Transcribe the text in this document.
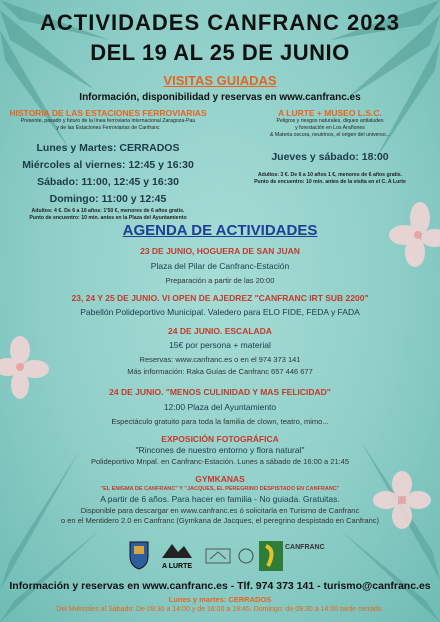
ACTIVIDADES CANFRANC 2023
DEL 19 AL 25 DE JUNIO
VISITAS GUIADAS
Información, disponibilidad y reservas en www.canfranc.es
HISTORIA DE LAS ESTACIONES FERROVIARIAS
Presente, pasado y futuro de la línea ferroviaria internacional Zaragoza-Pau
y de las Estaciones Ferroviarias de Canfranc
Lunes y Martes: CERRADOS
Miércoles al viernes: 12:45 y 16:30
Sábado: 11:00, 12:45 y 16:30
Domingo: 11:00 y 12:45
Adultos: 4 €. De 6 a 10 años: 1'50 €, menores de 6 años gratis.
Punto de encuentro: 10 min. antes en la Plaza del Ayuntamiento
A LURTE + MUSEO L.S.C.
Peligros y riesgos naturales, diques antialudes
y forestación en Los Arañones
& Materia oscura, neutrinos, el origen del universo...
Jueves y sábado: 18:00
Adultos: 3 €. De 6 a 10 años 1 €, menores de 6 años gratis.
Punto de encuentro: 10 min. antes de la visita en el C. A Lurte
AGENDA DE ACTIVIDADES
23 DE JUNIO, HOGUERA DE SAN JUAN
Plaza del Pilar de Canfranc-Estación
Preparación a partir de las 20:00
23, 24 Y 25 DE JUNIO. VI OPEN DE AJEDREZ "CANFRANC IRT SUB 2200"
Pabellón Polideportivo Municipal. Valedero para ELO FIDE, FEDA y FADA
24 DE JUNIO. ESCALADA
15€ por persona + material
Reservas: www.canfranc.es o en el 974 373 141
Más información: Raka Guías de Canfranc 657 446 677
24 DE JUNIO. "MENOS CULINIDAD Y MAS FELICIDAD"
12:00 Plaza del Ayuntamiento
Espectáculo gratuito para toda la familia de clown, teatro, mimo...
EXPOSICIÓN FOTOGRÁFICA
"Rincones de nuestro entorno y flora natural"
Polideportivo Mnpal. en Canfranc-Estación. Lunes a sábado de 16:00 a 21:45
GYMKANAS
"EL ENIGMA DE CANFRANC" Y "JACQUES, EL PEREGRINO DESPISTADO EN CANFRANC"
A partir de 6 años. Para hacer en familia - No guiada. Gratuitas.
Disponible para descargar en www.canfranc.es ó solicitarla en Turismo de Canfranc
o en el Mentidero 2.0 en Canfranc (Gymkana de Jacques, el peregrino despistado en Canfranc)
A LURTE
CANFRANC
Información y reservas en www.canfranc.es - Tlf. 974 373 141 - turismo@canfranc.es
Lunes y martes: CERRADOS
Del Miércoles al Sábado: De 09:30 a 14:00 y de 16:00 a 19:45. Domingo: de 09:30 a 14:00 tarde cerrado.
